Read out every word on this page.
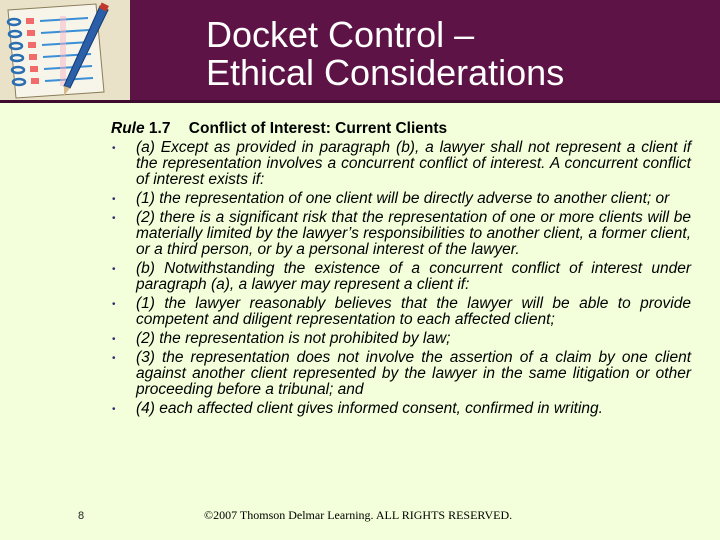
Docket Control –
Ethical Considerations
Rule 1.7 Conflict of Interest: Current Clients
• (a) Except as provided in paragraph (b), a lawyer shall not represent a client if the representation involves a concurrent conflict of interest. A concurrent conflict of interest exists if:
• (1) the representation of one client will be directly adverse to another client; or
• (2) there is a significant risk that the representation of one or more clients will be materially limited by the lawyer’s responsibilities to another client, a former client, or a third person, or by a personal interest of the lawyer.
• (b) Notwithstanding the existence of a concurrent conflict of interest under paragraph (a), a lawyer may represent a client if:
• (1) the lawyer reasonably believes that the lawyer will be able to provide competent and diligent representation to each affected client;
• (2) the representation is not prohibited by law;
• (3) the representation does not involve the assertion of a claim by one client against another client represented by the lawyer in the same litigation or other proceeding before a tribunal; and
• (4) each affected client gives informed consent, confirmed in writing.
8	©2007 Thomson Delmar Learning. ALL RIGHTS RESERVED.
